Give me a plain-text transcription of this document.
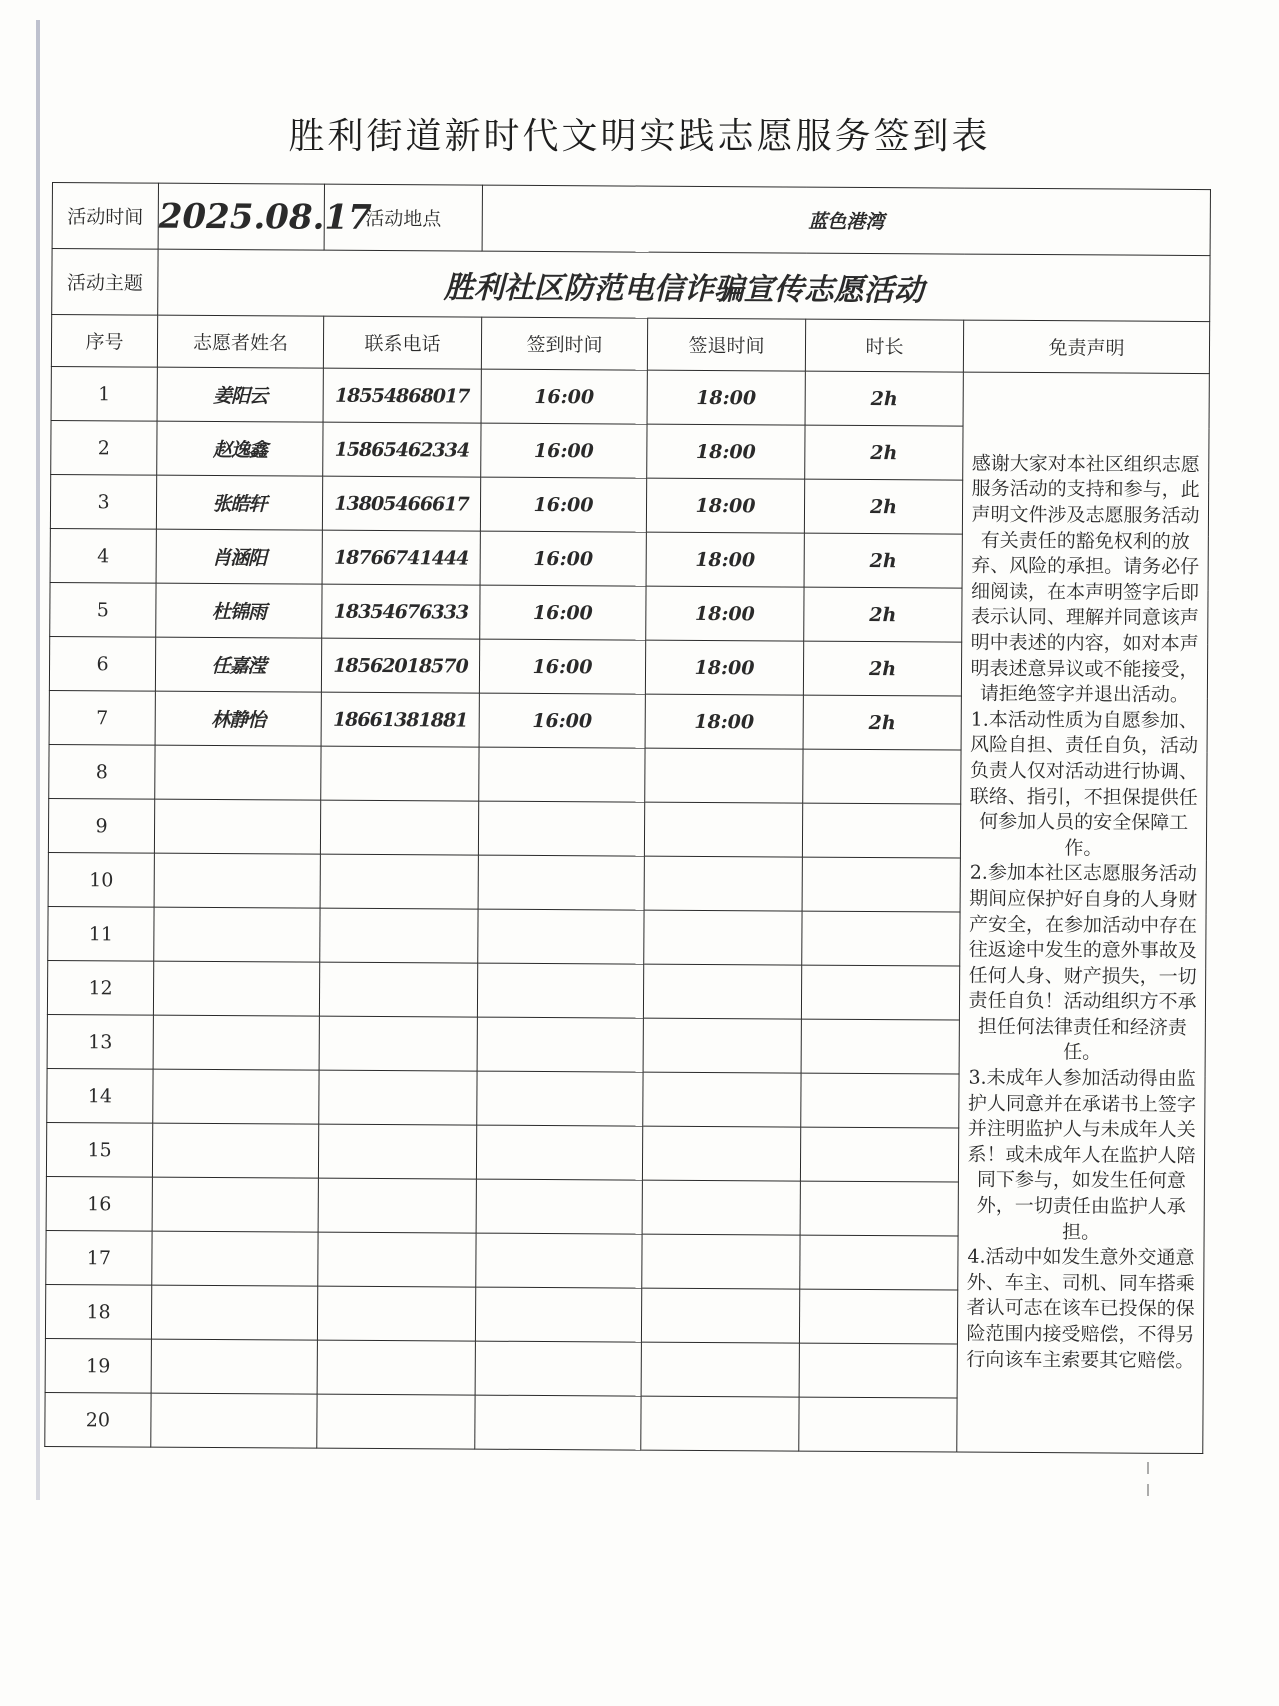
胜利街道新时代文明实践志愿服务签到表
活动时间	2025.08.17	活动地点	蓝色港湾			
活动主题	胜利社区防范电信诈骗宣传志愿活动					
序号	志愿者姓名	联系电话	签到时间	签退时间	时长	免责声明
1	姜阳云	18554868017	16:00	18:00	2h	感谢大家对本社区组织志愿服务活动的支持和参与，此声明文件涉及志愿服务活动有关责任的豁免权利的放弃、风险的承担。请务必仔细阅读，在本声明签字后即表示认同、理解并同意该声明中表述的内容，如对本声明表述意异议或不能接受，请拒绝签字并退出活动。

1.本活动性质为自愿参加、风险自担、责任自负，活动负责人仅对活动进行协调、联络、指引，不担保提供任何参加人员的安全保障工作。

2.参加本社区志愿服务活动期间应保护好自身的人身财产安全，在参加活动中存在往返途中发生的意外事故及任何人身、财产损失，一切责任自负！活动组织方不承担任何法律责任和经济责任。

3.未成年人参加活动得由监护人同意并在承诺书上签字并注明监护人与未成年人关系！或未成年人在监护人陪同下参与，如发生任何意外，一切责任由监护人承担。

4.活动中如发生意外交通意外、车主、司机、同车搭乘者认可志在该车已投保的保险范围内接受赔偿，不得另行向该车主索要其它赔偿。

2	赵逸鑫	15865462334	16:00	18:00	2h	
3	张皓轩	13805466617	16:00	18:00	2h	
4	肖涵阳	18766741444	16:00	18:00	2h	
5	杜锦雨	18354676333	16:00	18:00	2h	
6	任嘉滢	18562018570	16:00	18:00	2h	
7	林静怡	18661381881	16:00	18:00	2h	
8						
9						
10						
11						
12						
13						
14						
15						
16						
17						
18						
19						
20						
